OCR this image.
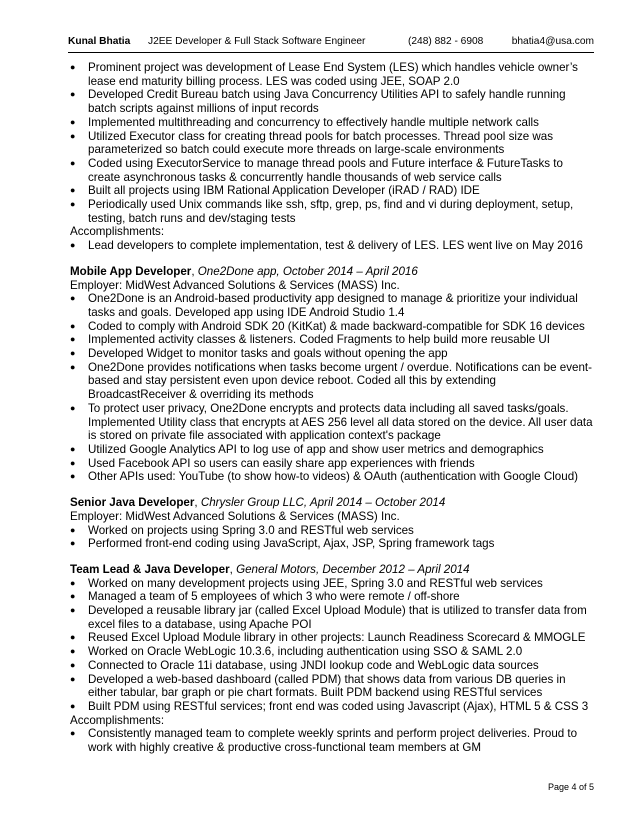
Kunal Bhatia J2EE Developer & Full Stack Software Engineer	(248) 882 - 6908	bhatia4@usa.com
● Prominent project was development of Lease End System (LES) which handles vehicle owner’s lease end maturity billing process. LES was coded using JEE, SOAP 2.0
● Developed Credit Bureau batch using Java Concurrency Utilities API to safely handle running batch scripts against millions of input records
● Implemented multithreading and concurrency to effectively handle multiple network calls
● Utilized Executor class for creating thread pools for batch processes. Thread pool size was parameterized so batch could execute more threads on large-scale environments
● Coded using ExecutorService to manage thread pools and Future interface & FutureTasks to create asynchronous tasks & concurrently handle thousands of web service calls
● Built all projects using IBM Rational Application Developer (iRAD / RAD) IDE
● Periodically used Unix commands like ssh, sftp, grep, ps, find and vi during deployment, setup, testing, batch runs and dev/staging tests
Accomplishments:
● Lead developers to complete implementation, test & delivery of LES. LES went live on May 2016
Mobile App Developer, One2Done app, October 2014 – April 2016
Employer: MidWest Advanced Solutions & Services (MASS) Inc.
● One2Done is an Android-based productivity app designed to manage & prioritize your individual tasks and goals. Developed app using IDE Android Studio 1.4
● Coded to comply with Android SDK 20 (KitKat) & made backward-compatible for SDK 16 devices
● Implemented activity classes & listeners. Coded Fragments to help build more reusable UI
● Developed Widget to monitor tasks and goals without opening the app
● One2Done provides notifications when tasks become urgent / overdue. Notifications can be event-based and stay persistent even upon device reboot. Coded all this by extending BroadcastReceiver & overriding its methods
● To protect user privacy, One2Done encrypts and protects data including all saved tasks/goals. Implemented Utility class that encrypts at AES 256 level all data stored on the device. All user data is stored on private file associated with application context's package
● Utilized Google Analytics API to log use of app and show user metrics and demographics
● Used Facebook API so users can easily share app experiences with friends
● Other APIs used: YouTube (to show how-to videos) & OAuth (authentication with Google Cloud)
Senior Java Developer, Chrysler Group LLC, April 2014 – October 2014
Employer: MidWest Advanced Solutions & Services (MASS) Inc.
● Worked on projects using Spring 3.0 and RESTful web services
● Performed front-end coding using JavaScript, Ajax, JSP, Spring framework tags
Team Lead & Java Developer, General Motors, December 2012 – April 2014
● Worked on many development projects using JEE, Spring 3.0 and RESTful web services
● Managed a team of 5 employees of which 3 who were remote / off-shore
● Developed a reusable library jar (called Excel Upload Module) that is utilized to transfer data from excel files to a database, using Apache POI
● Reused Excel Upload Module library in other projects: Launch Readiness Scorecard & MMOGLE
● Worked on Oracle WebLogic 10.3.6, including authentication using SSO & SAML 2.0
● Connected to Oracle 11i database, using JNDI lookup code and WebLogic data sources
● Developed a web-based dashboard (called PDM) that shows data from various DB queries in either tabular, bar graph or pie chart formats. Built PDM backend using RESTful services
● Built PDM using RESTful services; front end was coded using Javascript (Ajax), HTML 5 & CSS 3
Accomplishments:
● Consistently managed team to complete weekly sprints and perform project deliveries. Proud to work with highly creative & productive cross-functional team members at GM
Page 4 of 5
